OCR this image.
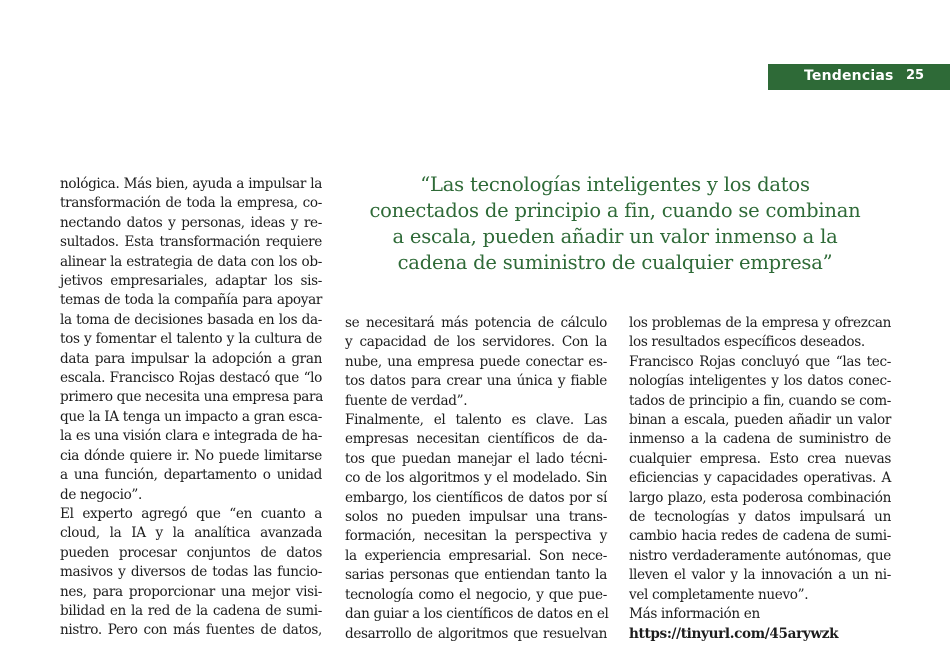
Tendencias 25
“Las tecnologías inteligentes y los datos
conectados de principio a fin, cuando se combinan
a escala, pueden añadir un valor inmenso a la
cadena de suministro de cualquier empresa”
nológica. Más bien, ayuda a impulsar la
transformación de toda la empresa, co-
nectando datos y personas, ideas y re-
sultados. Esta transformación requiere
alinear la estrategia de data con los ob-
jetivos empresariales, adaptar los sis-
temas de toda la compañía para apoyar
la toma de decisiones basada en los da-
tos y fomentar el talento y la cultura de
data para impulsar la adopción a gran
escala. Francisco Rojas destacó que “lo
primero que necesita una empresa para
que la IA tenga un impacto a gran esca-
la es una visión clara e integrada de ha-
cia dónde quiere ir. No puede limitarse
a una función, departamento o unidad
de negocio”.
El experto agregó que “en cuanto a
cloud, la IA y la analítica avanzada
pueden procesar conjuntos de datos
masivos y diversos de todas las funcio-
nes, para proporcionar una mejor visi-
bilidad en la red de la cadena de sumi-
nistro. Pero con más fuentes de datos,
se necesitará más potencia de cálculo
y capacidad de los servidores. Con la
nube, una empresa puede conectar es-
tos datos para crear una única y fiable
fuente de verdad”.
Finalmente, el talento es clave. Las
empresas necesitan científicos de da-
tos que puedan manejar el lado técni-
co de los algoritmos y el modelado. Sin
embargo, los científicos de datos por sí
solos no pueden impulsar una trans-
formación, necesitan la perspectiva y
la experiencia empresarial. Son nece-
sarias personas que entiendan tanto la
tecnología como el negocio, y que pue-
dan guiar a los científicos de datos en el
desarrollo de algoritmos que resuelvan
los problemas de la empresa y ofrezcan
los resultados específicos deseados.
Francisco Rojas concluyó que “las tec-
nologías inteligentes y los datos conec-
tados de principio a fin, cuando se com-
binan a escala, pueden añadir un valor
inmenso a la cadena de suministro de
cualquier empresa. Esto crea nuevas
eficiencias y capacidades operativas. A
largo plazo, esta poderosa combinación
de tecnologías y datos impulsará un
cambio hacia redes de cadena de sumi-
nistro verdaderamente autónomas, que
lleven el valor y la innovación a un ni-
vel completamente nuevo”.
Más información en
https://tinyurl.com/45arywzk
